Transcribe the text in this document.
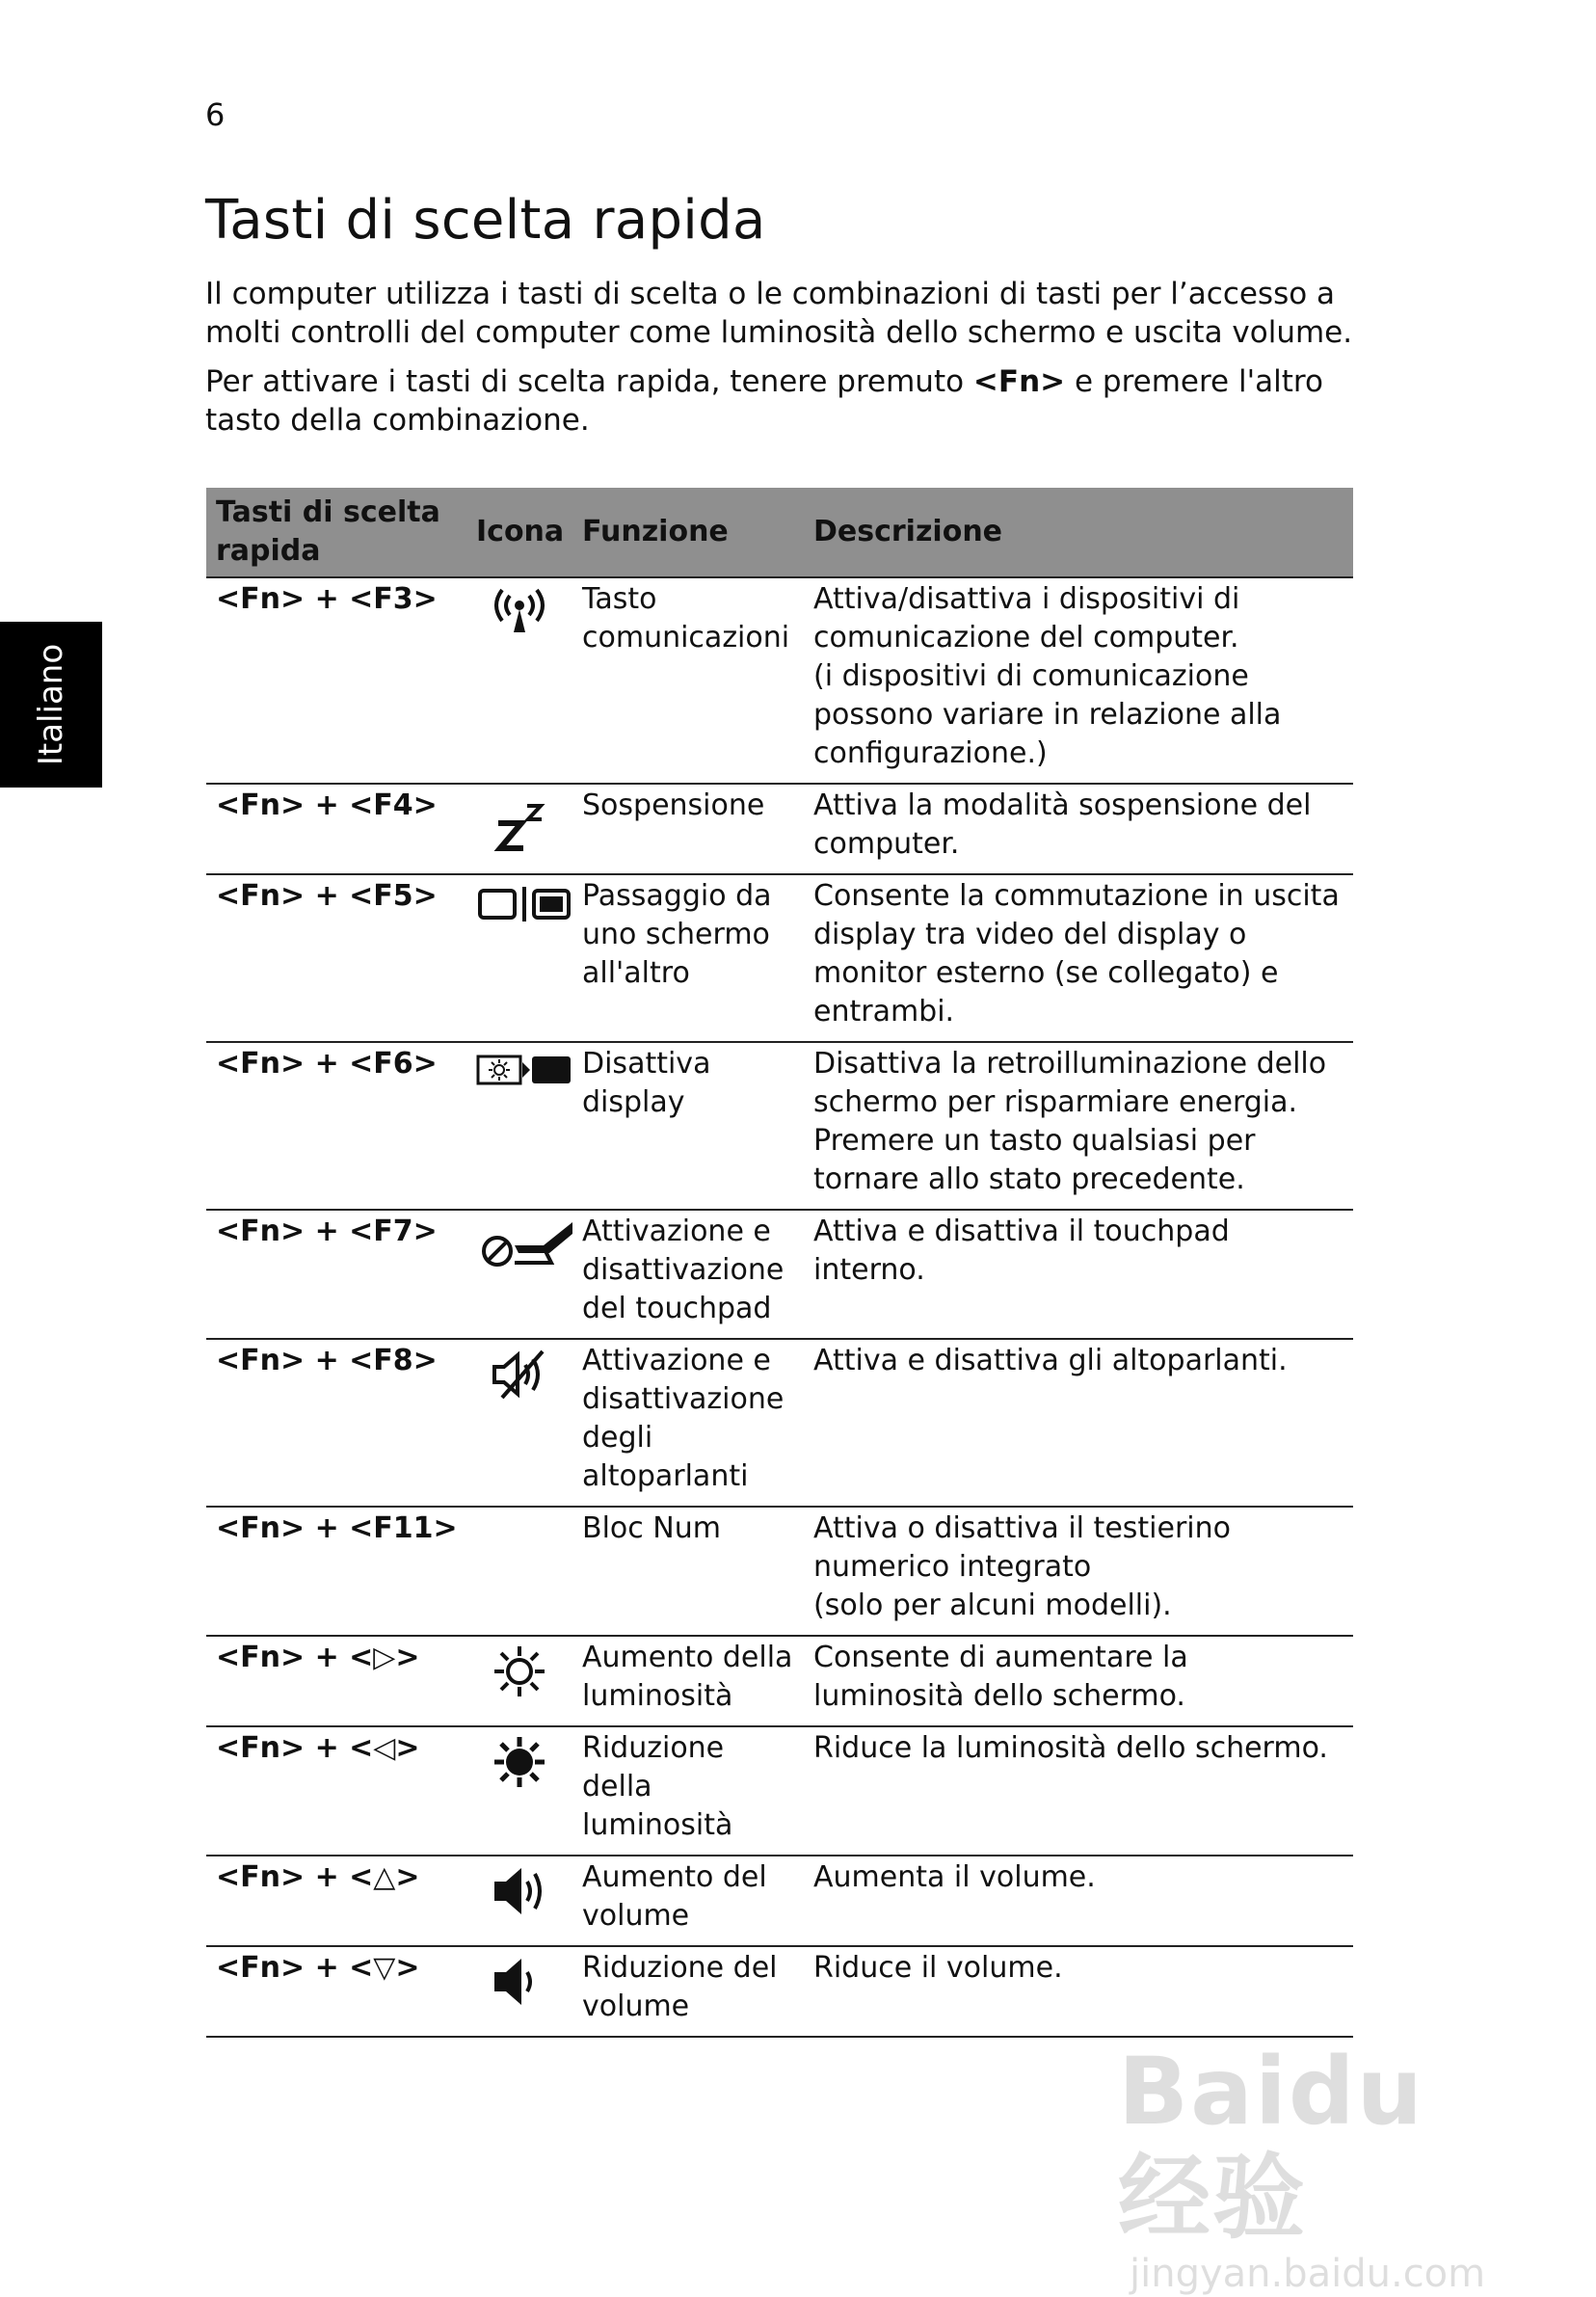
6
Italiano
Tasti di scelta rapida

Il computer utilizza i tasti di scelta o le combinazioni di tasti per l’accesso a molti controlli del computer come luminosità dello schermo e uscita volume.

Per attivare i tasti di scelta rapida, tenere premuto <Fn> e premere l'altro tasto della combinazione.

Tasti di scelta rapida	Icona	Funzione	Descrizione
<Fn> + <F3>		Tasto comunicazioni	Attiva/disattiva i dispositivi di comunicazione del computer.
(i dispositivi di comunicazione possono variare in relazione alla configurazione.)

<Fn> + <F4>		Sospensione	Attiva la modalità sospensione del computer.

<Fn> + <F5>		Passaggio da uno schermo all'altro	Consente la commutazione in uscita display tra video del display o monitor esterno (se collegato) e entrambi.

<Fn> + <F6>		Disattiva display	Disattiva la retroilluminazione dello schermo per risparmiare energia. Premere un tasto qualsiasi per tornare allo stato precedente.

<Fn> + <F7>		Attivazione e disattivazione del touchpad	Attiva e disattiva il touchpad interno.

<Fn> + <F8>		Attivazione e disattivazione degli altoparlanti	Attiva e disattiva gli altoparlanti.

<Fn> + <F11>		Bloc Num	Attiva o disattiva il testierino numerico integrato
(solo per alcuni modelli).

<Fn> + <▷>		Aumento della luminosità	Consente di aumentare la luminosità dello schermo.

<Fn> + <◁>		Riduzione della luminosità	Riduce la luminosità dello schermo.

<Fn> + <△>		Aumento del volume	Aumenta il volume.

<Fn> + <▽>		Riduzione del volume	Riduce il volume.
Baidu 经验
jingyan.baidu.com
